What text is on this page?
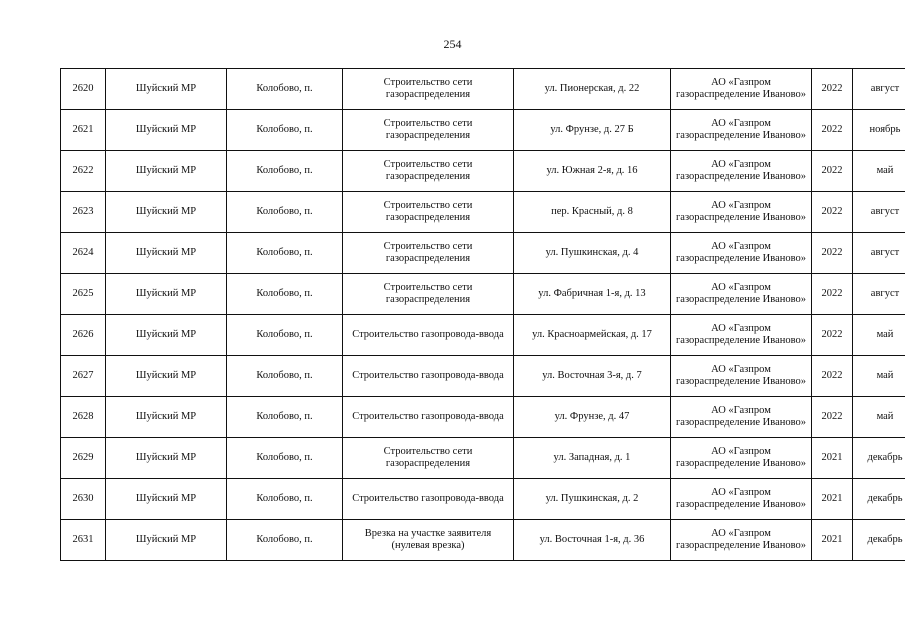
254
2620	Шуйский МР	Колобово, п.	Строительство сети газораспределения	ул. Пионерская, д. 22	АО «Газпром газораспределение Иваново»	2022	август
2621	Шуйский МР	Колобово, п.	Строительство сети газораспределения	ул. Фрунзе, д. 27 Б	АО «Газпром газораспределение Иваново»	2022	ноябрь
2622	Шуйский МР	Колобово, п.	Строительство сети газораспределения	ул. Южная 2-я, д. 16	АО «Газпром газораспределение Иваново»	2022	май
2623	Шуйский МР	Колобово, п.	Строительство сети газораспределения	пер. Красный, д. 8	АО «Газпром газораспределение Иваново»	2022	август
2624	Шуйский МР	Колобово, п.	Строительство сети газораспределения	ул. Пушкинская, д. 4	АО «Газпром газораспределение Иваново»	2022	август
2625	Шуйский МР	Колобово, п.	Строительство сети газораспределения	ул. Фабричная 1-я, д. 13	АО «Газпром газораспределение Иваново»	2022	август
2626	Шуйский МР	Колобово, п.	Строительство газопровода-ввода	ул. Красноармейская, д. 17	АО «Газпром газораспределение Иваново»	2022	май
2627	Шуйский МР	Колобово, п.	Строительство газопровода-ввода	ул. Восточная 3-я, д. 7	АО «Газпром газораспределение Иваново»	2022	май
2628	Шуйский МР	Колобово, п.	Строительство газопровода-ввода	ул. Фрунзе, д. 47	АО «Газпром газораспределение Иваново»	2022	май
2629	Шуйский МР	Колобово, п.	Строительство сети газораспределения	ул. Западная, д. 1	АО «Газпром газораспределение Иваново»	2021	декабрь
2630	Шуйский МР	Колобово, п.	Строительство газопровода-ввода	ул. Пушкинская, д. 2	АО «Газпром газораспределение Иваново»	2021	декабрь
2631	Шуйский МР	Колобово, п.	Врезка на участке заявителя (нулевая врезка)	ул. Восточная 1-я, д. 36	АО «Газпром газораспределение Иваново»	2021	декабрь
